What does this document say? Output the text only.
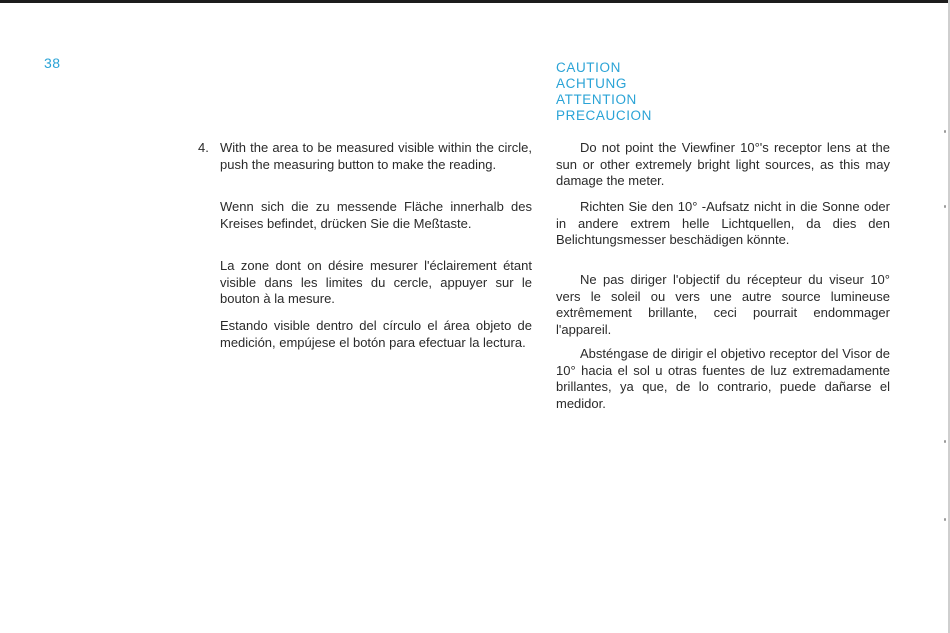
38	CAUTION
ACHTUNG
ATTENTION
PRECAUCION
4. With the area to be measured visible within the circle, push the measuring button to make the reading.

Wenn sich die zu messende Fläche innerhalb des Kreises befindet, drücken Sie die Meßtaste.

La zone dont on désire mesurer l'éclairement étant visible dans les limites du cercle, appuyer sur le bouton à la mesure.

Estando visible dentro del círculo el área objeto de medición, empújese el botón para efectuar la lectura.

Do not point the Viewfiner 10°'s receptor lens at the sun or other extremely bright light sources, as this may damage the meter.

Richten Sie den 10° -Aufsatz nicht in die Sonne oder in andere extrem helle Lichtquellen, da dies den Belichtungsmesser beschädigen könnte.

Ne pas diriger l'objectif du récepteur du viseur 10° vers le soleil ou vers une autre source lumineuse extrêmement brillante, ceci pourrait endommager l'appareil.

Absténgase de dirigir el objetivo receptor del Visor de 10° hacia el sol u otras fuentes de luz extremadamente brillantes, ya que, de lo contrario, puede dañarse el medidor.
